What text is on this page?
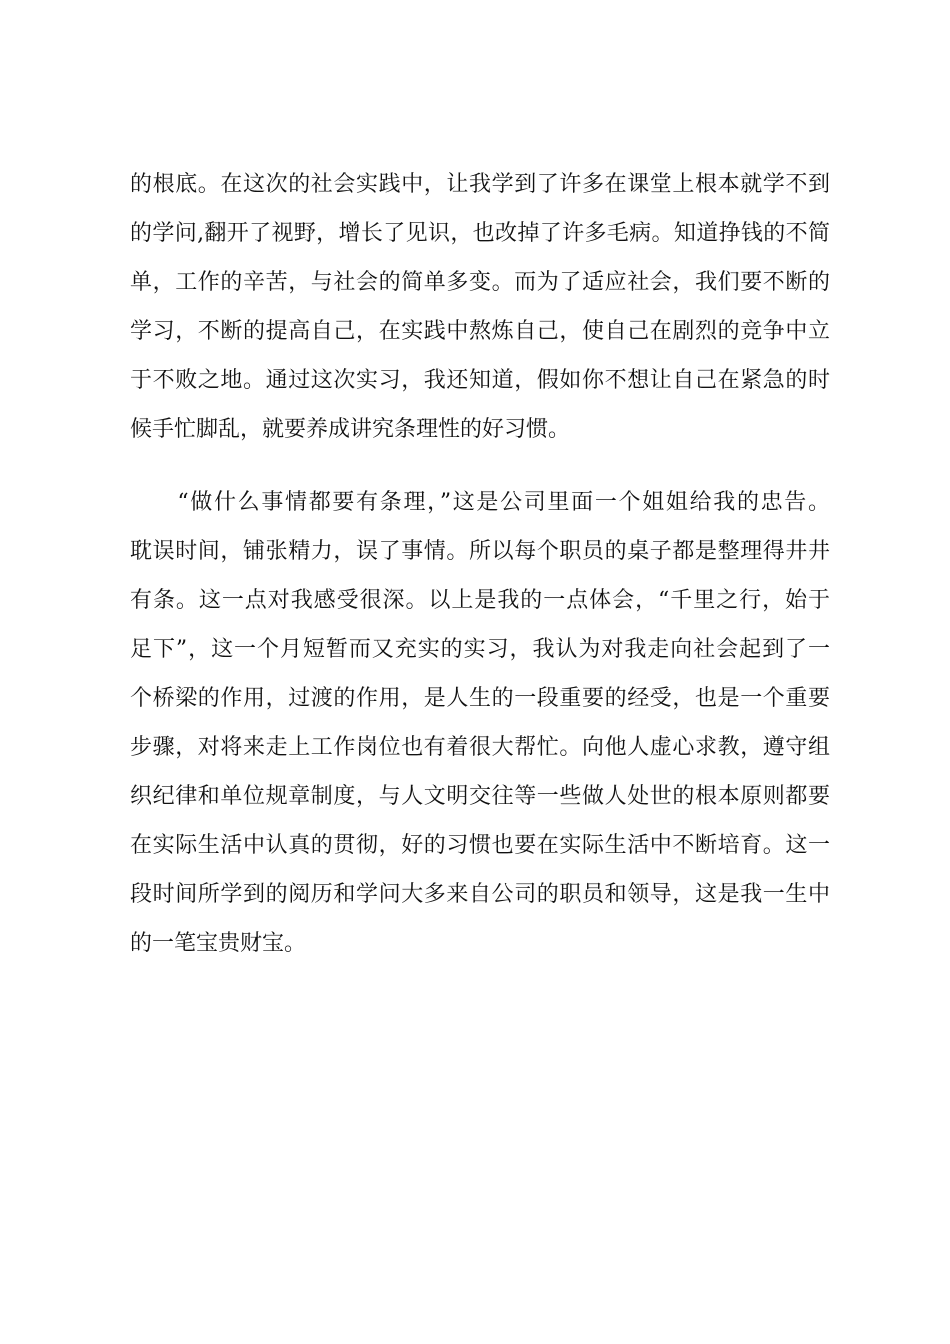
的根底。在这次的社会实践中，让我学到了许多在课堂上根本就学不到
的学问,翻开了视野，增长了见识，也改掉了许多毛病。知道挣钱的不简
单，工作的辛苦，与社会的简单多变。而为了适应社会，我们要不断的
学习，不断的提高自己，在实践中熬炼自己，使自己在剧烈的竞争中立
于不败之地。通过这次实习，我还知道，假如你不想让自己在紧急的时
候手忙脚乱，就要养成讲究条理性的好习惯。
　　“做什么事情都要有条理，”这是公司里面一个姐姐给我的忠告。
耽误时间，铺张精力，误了事情。所以每个职员的桌子都是整理得井井
有条。这一点对我感受很深。以上是我的一点体会，“千里之行，始于
足下”，这一个月短暂而又充实的实习，我认为对我走向社会起到了一
个桥梁的作用，过渡的作用，是人生的一段重要的经受，也是一个重要
步骤，对将来走上工作岗位也有着很大帮忙。向他人虚心求教，遵守组
织纪律和单位规章制度，与人文明交往等一些做人处世的根本原则都要
在实际生活中认真的贯彻，好的习惯也要在实际生活中不断培育。这一
段时间所学到的阅历和学问大多来自公司的职员和领导，这是我一生中
的一笔宝贵财宝。
